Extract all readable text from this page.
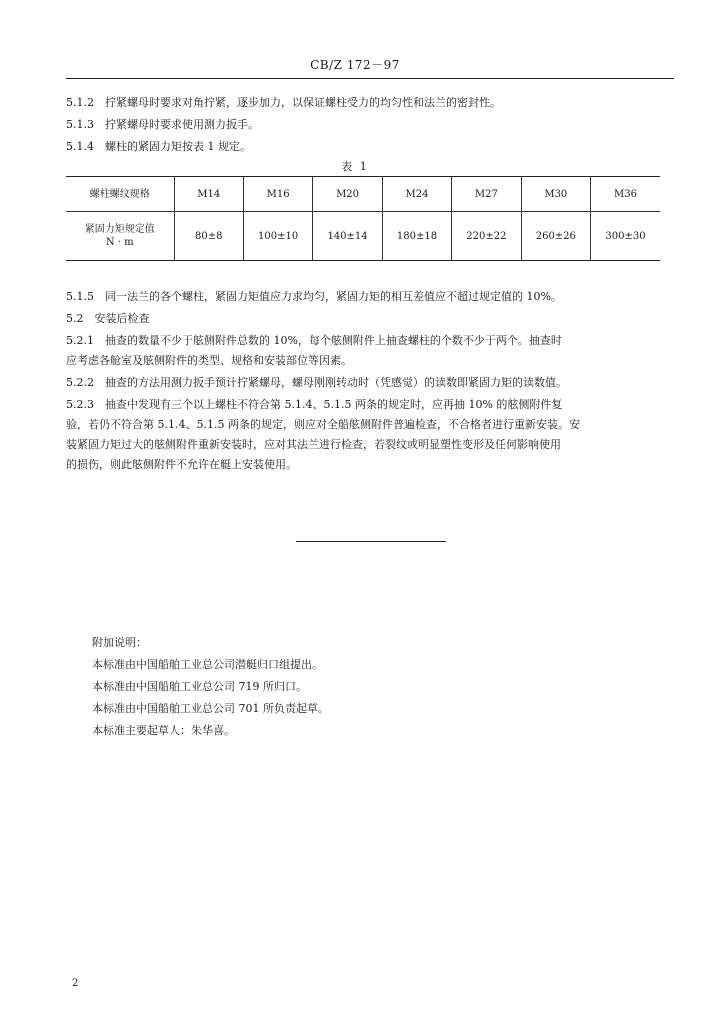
CB/Z 172－97
5.1.2　拧紧螺母时要求对角拧紧，逐步加力，以保证螺柱受力的均匀性和法兰的密封性。
5.1.3　拧紧螺母时要求使用测力扳手。
5.1.4　螺柱的紧固力矩按表 1 规定。
表 1
螺柱螺纹规格	M14	M16	M20	M24	M27	M30	M36

紧固力矩规定值
N · m	80±8	100±10	140±14	180±18	220±22	260±26	300±30
5.1.5　同一法兰的各个螺柱，紧固力矩值应力求均匀，紧固力矩的相互差值应不超过规定值的 10%。
5.2　安装后检查
5.2.1　抽查的数量不少于舷侧附件总数的 10%，每个舷侧附件上抽查螺柱的个数不少于两个。抽查时
应考虑各舱室及舷侧附件的类型、规格和安装部位等因素。
5.2.2　抽查的方法用测力扳手预计拧紧螺母，螺母刚刚转动时（凭感觉）的读数即紧固力矩的读数值。
5.2.3　抽查中发现有三个以上螺柱不符合第 5.1.4、5.1.5 两条的规定时，应再抽 10% 的舷侧附件复
验，若仍不符合第 5.1.4、5.1.5 两条的规定，则应对全船舷侧附件普遍检查，不合格者进行重新安装。安
装紧固力矩过大的舷侧附件重新安装时，应对其法兰进行检查，若裂纹或明显塑性变形及任何影响使用
的损伤，则此舷侧附件不允许在艇上安装使用。
附加说明：
本标准由中国船舶工业总公司潜艇归口组提出。
本标准由中国船舶工业总公司 719 所归口。
本标准由中国船舶工业总公司 701 所负责起草。
本标准主要起草人：朱华喜。
2
